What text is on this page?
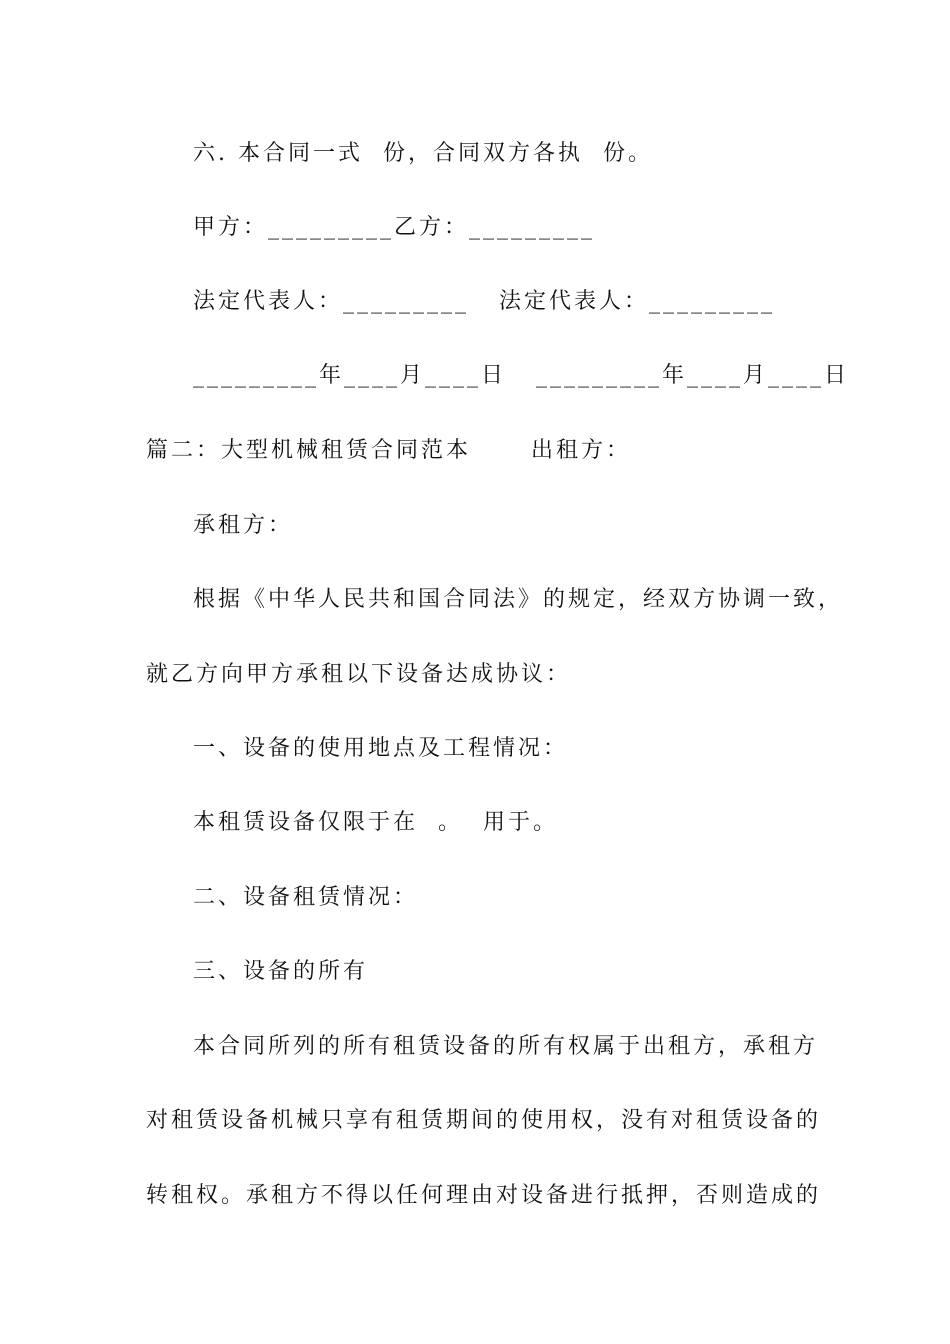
六. 本合同一式  份，合同双方各执  份。
甲方：_________乙方：_________
法定代表人：_________   法定代表人：_________
_________年____月____日   _________年____月____日
篇二：大型机械租赁合同范本      出租方：
承租方：
根据《中华人民共和国合同法》的规定，经双方协调一致，
就乙方向甲方承租以下设备达成协议：
一、设备的使用地点及工程情况：
本租赁设备仅限于在  。  用于。
二、设备租赁情况：
三、设备的所有
本合同所列的所有租赁设备的所有权属于出租方，承租方
对租赁设备机械只享有租赁期间的使用权，没有对租赁设备的
转租权。承租方不得以任何理由对设备进行抵押，否则造成的
